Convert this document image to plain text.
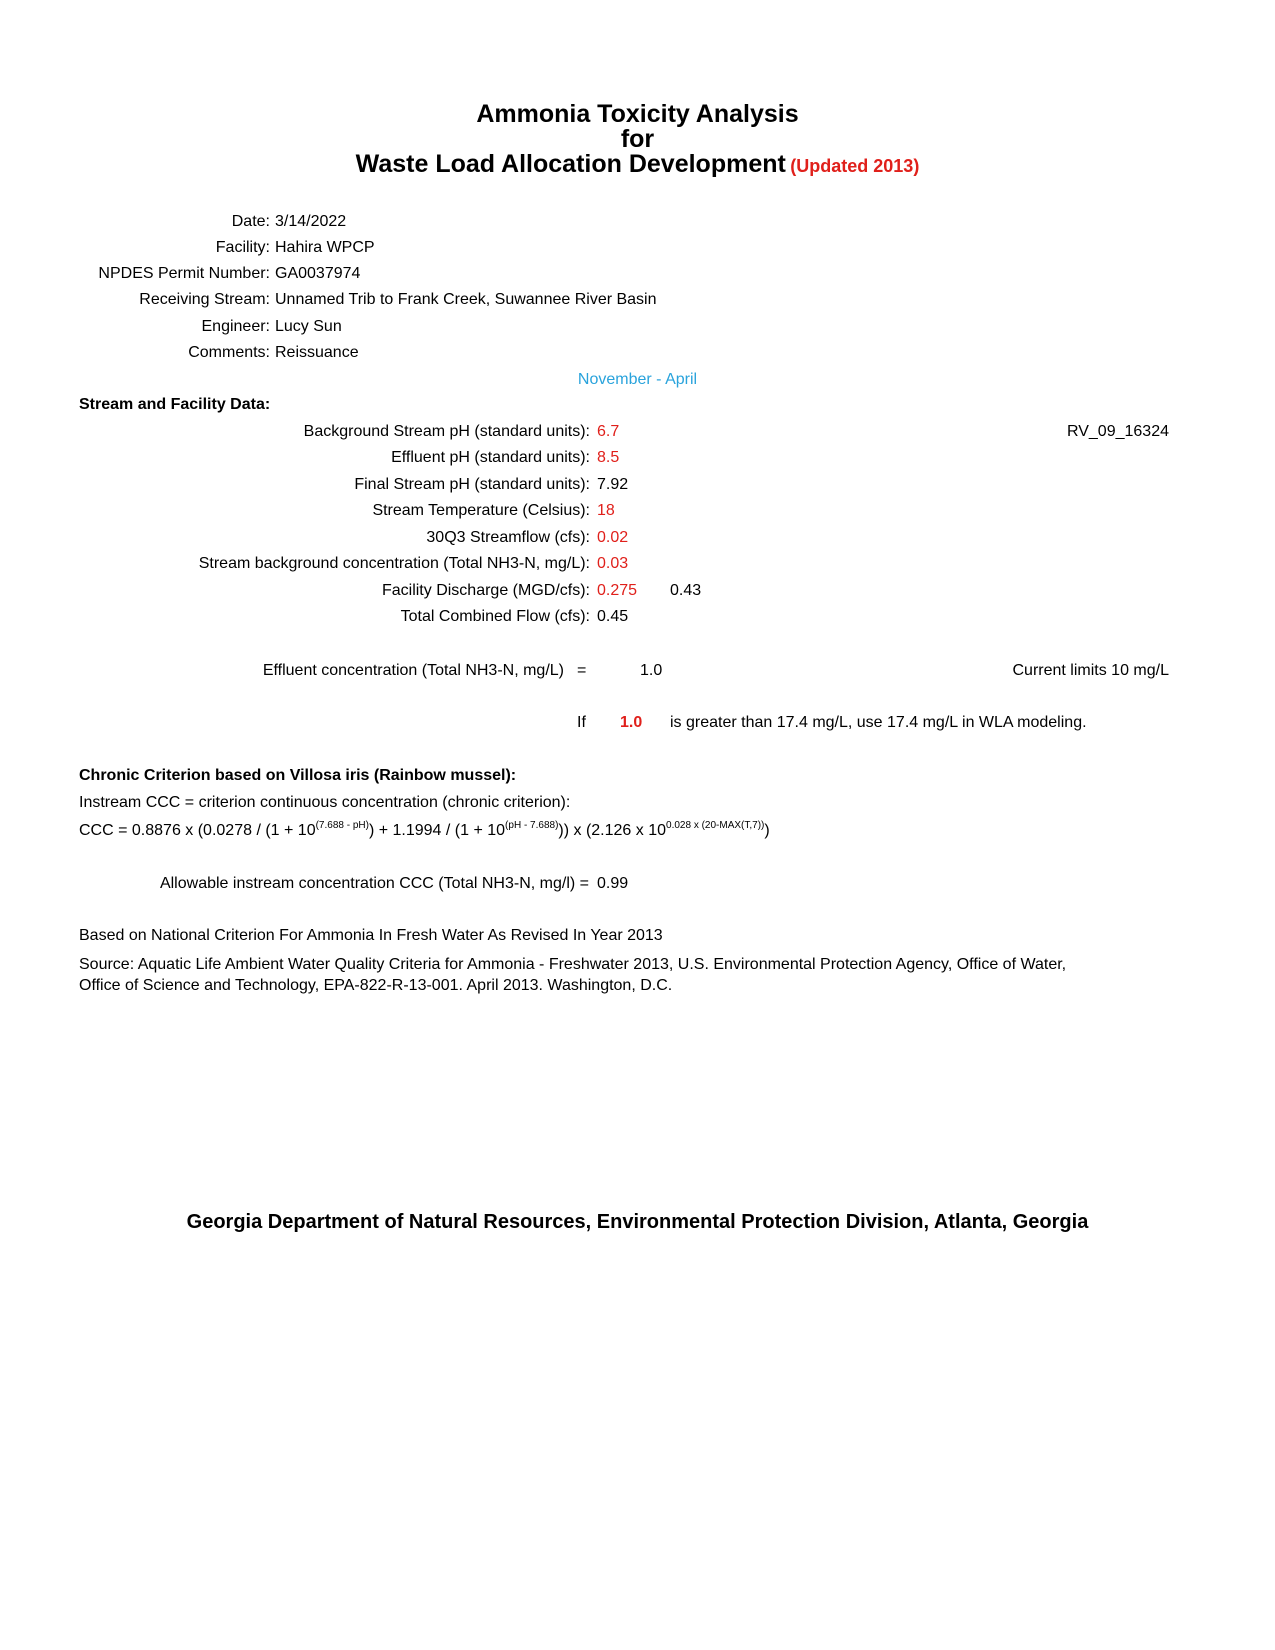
Ammonia Toxicity Analysis
for
Waste Load Allocation Development (Updated 2013)
Date: 3/14/2022
Facility: Hahira WPCP
NPDES Permit Number: GA0037974
Receiving Stream: Unnamed Trib to Frank Creek, Suwannee River Basin
Engineer: Lucy Sun
Comments: Reissuance
November - April
Stream and Facility Data:
RV_09_16324
Background Stream pH (standard units): 6.7
Effluent pH (standard units): 8.5
Final Stream pH (standard units): 7.92
Stream Temperature (Celsius): 18
30Q3 Streamflow (cfs): 0.02
Stream background concentration (Total NH3-N, mg/L): 0.03
Facility Discharge (MGD/cfs): 0.275 0.43
Total Combined Flow (cfs): 0.45
Effluent concentration (Total NH3-N, mg/L) =	1.0	Current limits 10 mg/L
If 1.0 is greater than 17.4 mg/L, use 17.4 mg/L in WLA modeling.
Chronic Criterion based on Villosa iris (Rainbow mussel):
Instream CCC = criterion continuous concentration (chronic criterion):
CCC = 0.8876 x $(0.0278 / (1 + 10^{(7.688 - pH)}) + 1.1994 / (1 + 10^{(pH - 7.688)}))$ x (2.126 x $10^{0.028 x (20-MAX(T,7))}$)
Allowable instream concentration CCC (Total NH3-N, mg/l) = 0.99
Based on National Criterion For Ammonia In Fresh Water As Revised In Year 2013
Source: Aquatic Life Ambient Water Quality Criteria for Ammonia - Freshwater 2013, U.S. Environmental Protection Agency, Office of Water,
Office of Science and Technology, EPA-822-R-13-001. April 2013. Washington, D.C.
Georgia Department of Natural Resources, Environmental Protection Division, Atlanta, Georgia
